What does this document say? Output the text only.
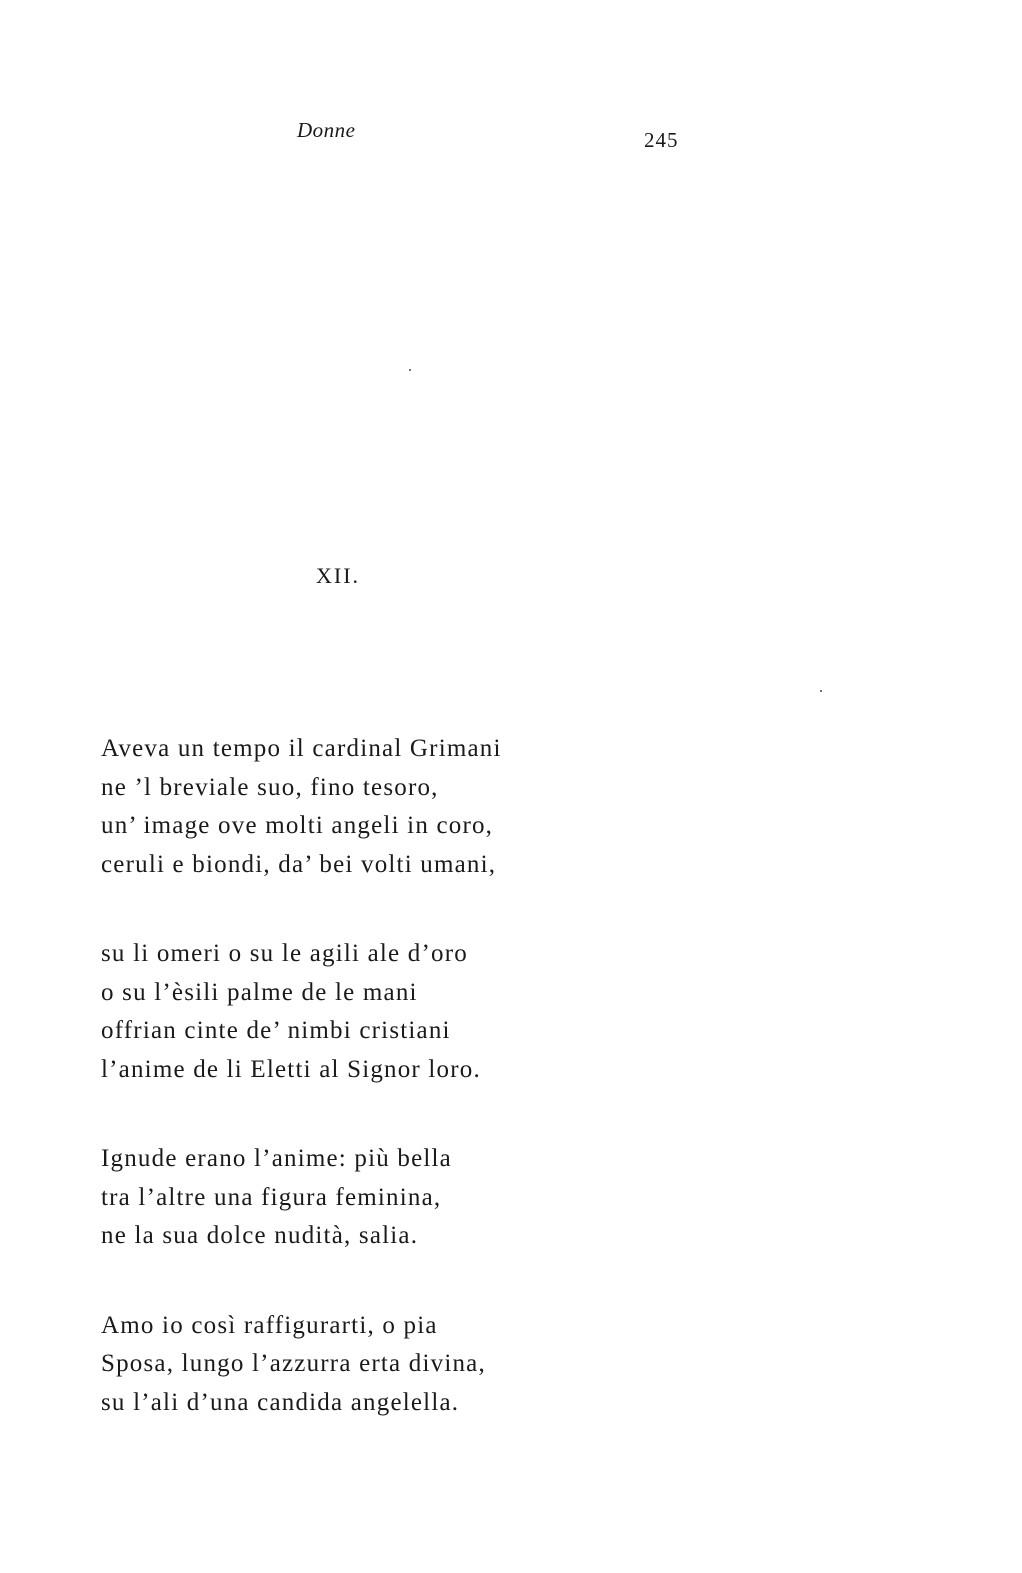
Donne	245
XII.
Aveva un tempo il cardinal Grimani
ne ’l breviale suo, fino tesoro,
un’ image ove molti angeli in coro,
ceruli e biondi, da’ bei volti umani,
su li omeri o su le agili ale d’oro
o su l’èsili palme de le mani
offrian cinte de’ nimbi cristiani
l’anime de li Eletti al Signor loro.
Ignude erano l’anime: più bella
tra l’altre una figura feminina,
ne la sua dolce nudità, salia.
Amo io così raffigurarti, o pia
Sposa, lungo l’azzurra erta divina,
su l’ali d’una candida angelella.
